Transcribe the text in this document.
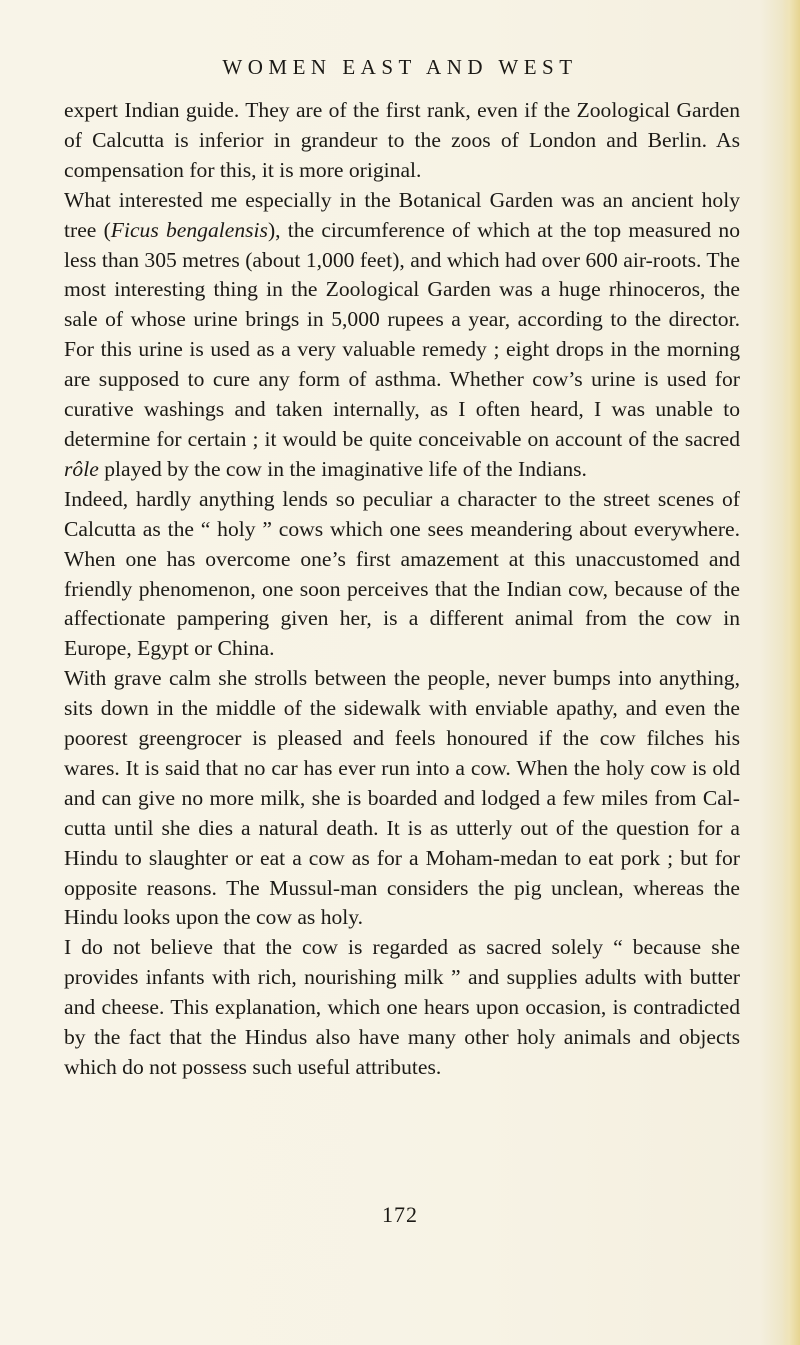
WOMEN EAST AND WEST

expert Indian guide. They are of the first rank, even if the Zoological Garden of Calcutta is inferior in grandeur to the zoos of London and Berlin. As compensation for this, it is more original.

What interested me especially in the Botanical Garden was an ancient holy tree (Ficus bengalensis), the circumference of which at the top measured no less than 305 metres (about 1,000 feet), and which had over 600 air-roots. The most interesting thing in the Zoological Garden was a huge rhinoceros, the sale of whose urine brings in 5,000 rupees a year, according to the director. For this urine is used as a very valuable remedy ; eight drops in the morning are supposed to cure any form of asthma. Whether cow’s urine is used for curative washings and taken internally, as I often heard, I was unable to determine for certain ; it would be quite conceivable on account of the sacred rôle played by the cow in the imaginative life of the Indians.

Indeed, hardly anything lends so peculiar a character to the street scenes of Calcutta as the “ holy ” cows which one sees meandering about everywhere. When one has overcome one’s first amazement at this unaccustomed and friendly phenomenon, one soon perceives that the Indian cow, because of the affectionate pampering given her, is a different animal from the cow in Europe, Egypt or China.

With grave calm she strolls between the people, never bumps into anything, sits down in the middle of the sidewalk with enviable apathy, and even the poorest greengrocer is pleased and feels honoured if the cow filches his wares. It is said that no car has ever run into a cow. When the holy cow is old and can give no more milk, she is boarded and lodged a few miles from Cal-cutta until she dies a natural death. It is as utterly out of the question for a Hindu to slaughter or eat a cow as for a Moham-medan to eat pork ; but for opposite reasons. The Mussul-man considers the pig unclean, whereas the Hindu looks upon the cow as holy.

I do not believe that the cow is regarded as sacred solely “ because she provides infants with rich, nourishing milk ” and supplies adults with butter and cheese. This explanation, which one hears upon occasion, is contradicted by the fact that the Hindus also have many other holy animals and objects which do not possess such useful attributes.

172
